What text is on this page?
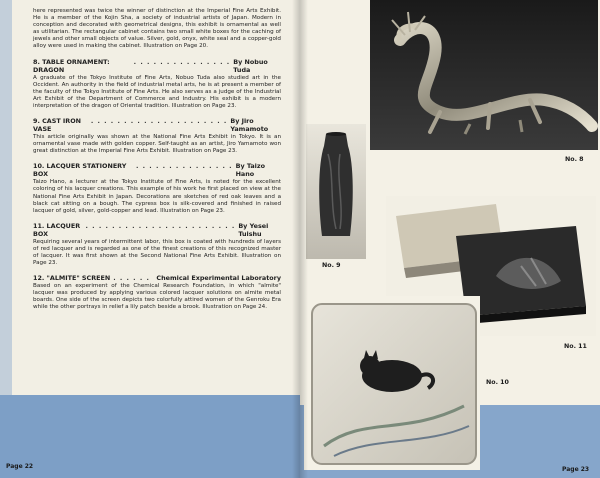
here represented was twice the winner of distinction at the Imperial Fine Arts Exhibit. He is a member of the Kojin Sha, a society of industrial artists of Japan. Modern in conception and decorated with geometrical designs, this exhibit is ornamental as well as utilitarian. The rectangular cabinet contains two small white boxes for the caching of jewels and other small objects of value. Silver, gold, onyx, white seal and a copper-gold alloy were used in making the cabinet. Illustration on Page 20.

8. TABLE ORNAMENT: DRAGON
. . . . . . . . . . . . . . . By Nobuo Tuda

A graduate of the Tokyo Institute of Fine Arts, Nobuo Tuda also studied art in the Occident. An authority in the field of industrial metal arts, he is at present a member of the faculty of the Tokyo Institute of Fine Arts. He also serves as a judge of the Industrial Art Exhibit of the Department of Commerce and Industry. His exhibit is a modern interpretation of the dragon of Oriental tradition. Illustration on Page 23.

9. CAST IRON VASE
. . . . . . . . . . . . . . . . . . . . . By Jiro Yamamoto

This article originally was shown at the National Fine Arts Exhibit in Tokyo. It is an ornamental vase made with golden copper. Self-taught as an artist, Jiro Yamamoto won great distinction at the Imperial Fine Arts Exhibit. Illustration on Page 23.

10. LACQUER STATIONERY BOX
. . . . . . . . . . . . . . . By Taizo Hano

Taizo Hano, a lecturer at the Tokyo Institute of Fine Arts, is noted for the excellent coloring of his lacquer creations. This example of his work he first placed on view at the National Fine Arts Exhibit in Japan. Decorations are sketches of red oak leaves and a black cat sitting on a bough. The cypress box is silk-covered and finished in raised lacquer of gold, silver, gold-copper and lead. Illustration on Page 23.

11. LACQUER BOX
. . . . . . . . . . . . . . . . . . . . . . . By Yesei Tuishu

Requiring several years of intermittent labor, this box is coated with hundreds of layers of red lacquer and is regarded as one of the finest creations of this recognized master of lacquer. It was first shown at the Second National Fine Arts Exhibit. Illustration on Page 23.

12. "ALMITE" SCREEN . . . . . .	Chemical Experimental Laboratory

Based on an experiment of the Chemical Research Foundation, in which "almite" lacquer was produced by applying various colored lacquer solutions on almite metal boards. One side of the screen depicts two colorfully attired women of the Genroku Era while the other portrays in relief a lily patch beside a brook. Illustration on Page 24.

Page 22
No. 8
No. 9
No. 11
No. 10
Page 23
